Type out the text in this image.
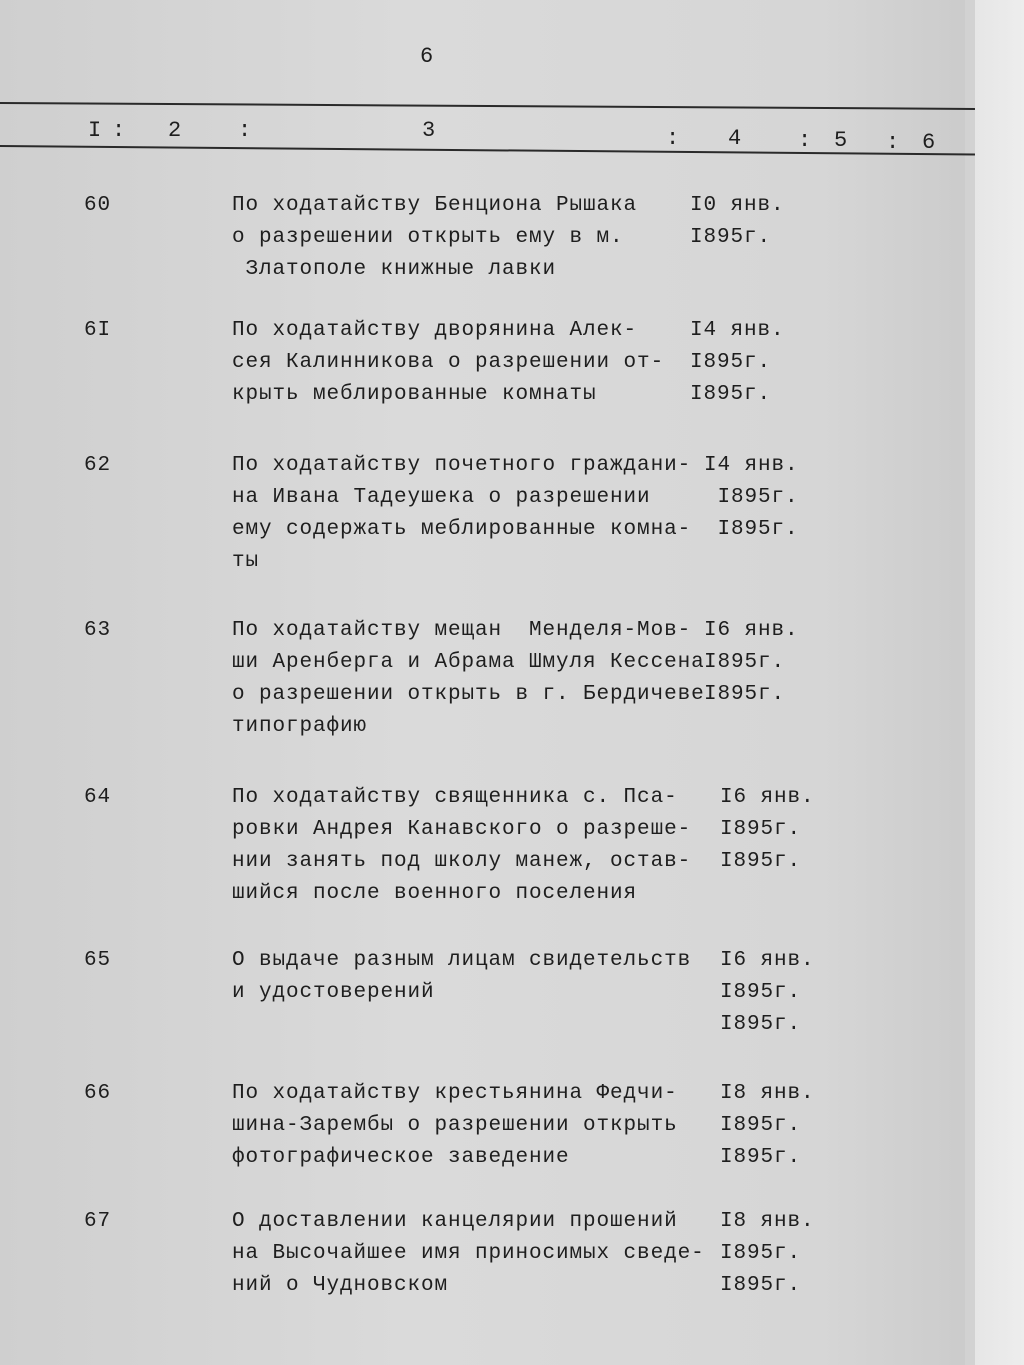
6
I : 2	:	3	: 4	: 5 : 6
60	По ходатайству Бенциона Рышака
о разрешении открыть ему в м.
Златополе книжные лавки
I0 янв.
I895г.
6I	По ходатайству дворянина Алек-
сея Калинникова о разрешении от-
крыть меблированные комнаты
I4 янв.
I895г.
I895г.
62	По ходатайству почетного граждани-
на Ивана Тадеушека о разрешении
ему содержать меблированные комна-
ты
I4 янв.
I895г.
I895г.
63	По ходатайству мещан  Менделя-Мов-
ши Аренберга и Абрама Шмуля Кессена
о разрешении открыть в г. Бердичеве
типографию
I6 янв.
I895г.
I895г.
64	По ходатайству священника с. Пса-
ровки Андрея Канавского о разреше-
нии занять под школу манеж, остав-
шийся после военного поселения
I6 янв.
I895г.
I895г.
65	О выдаче разным лицам свидетельств
и удостоверений
I6 янв.
I895г.
I895г.
66	По ходатайству крестьянина Федчи-
шина-Зарембы о разрешении открыть
фотографическое заведение
I8 янв.
I895г.
I895г.
67	О доставлении канцелярии прошений
на Высочайшее имя приносимых сведе-
ний о Чудновском
I8 янв.
I895г.
I895г.
